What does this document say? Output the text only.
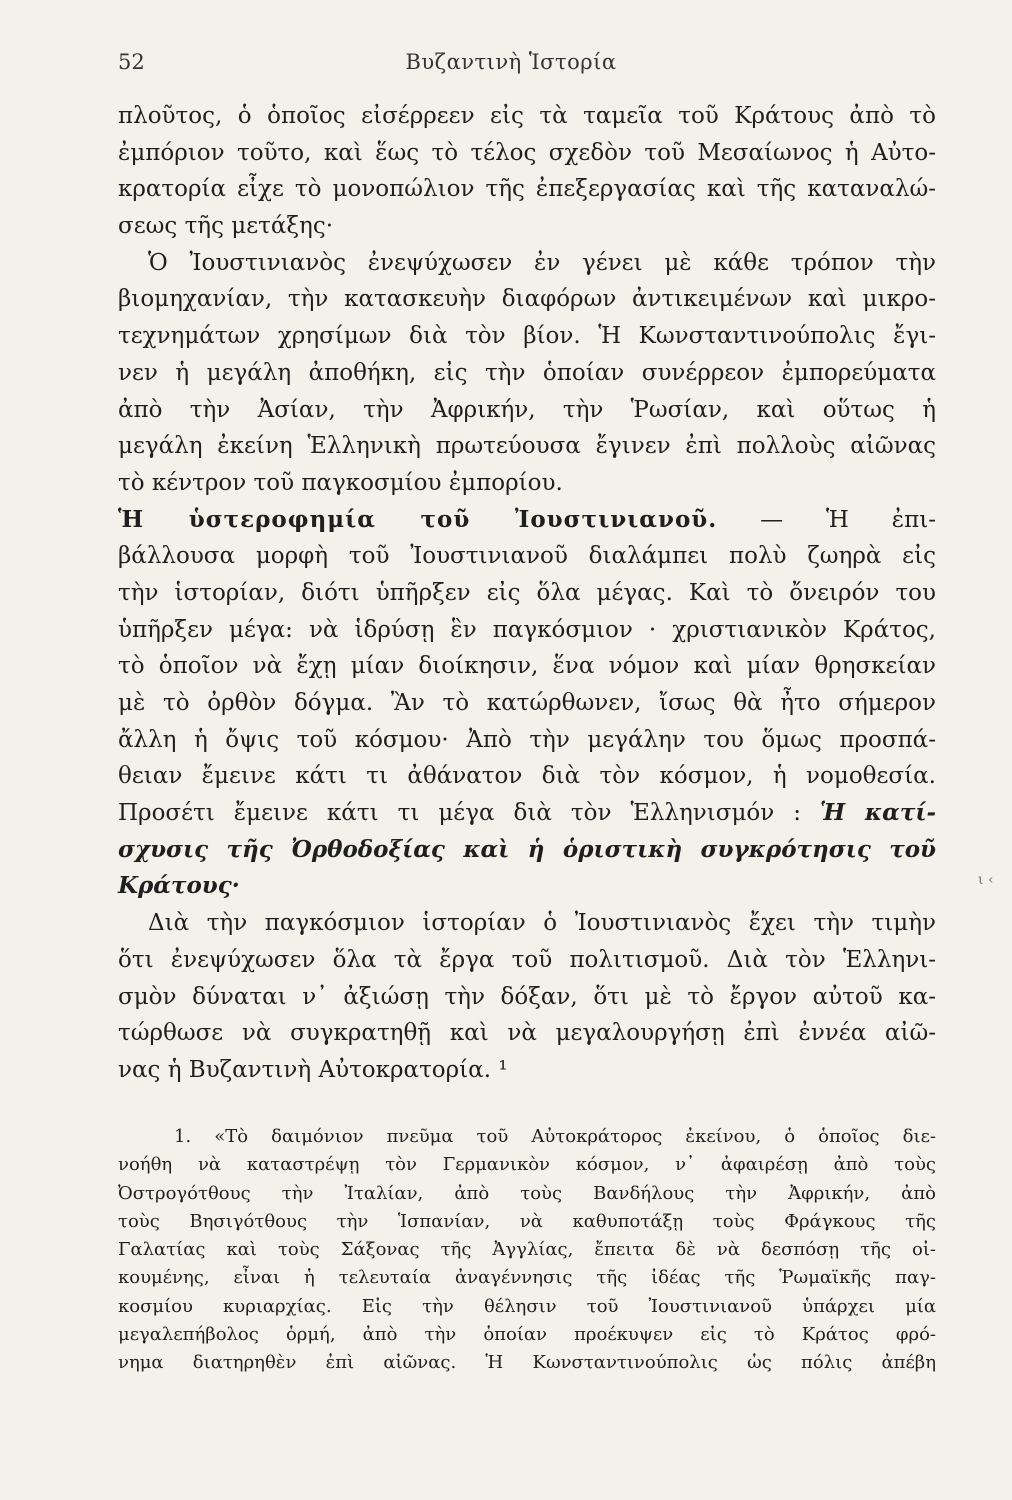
52	Βυζαντινὴ Ἱστορία
πλοῦτος, ὁ ὁποῖος εἰσέρρεεν εἰς τὰ ταμεῖα τοῦ Κράτους ἀπὸ τὸ
ἐμπόριον τοῦτο, καὶ ἕως τὸ τέλος σχεδὸν τοῦ Μεσαίωνος ἡ Αὐτο-
κρατορία εἶχε τὸ μονοπώλιον τῆς ἐπεξεργασίας καὶ τῆς καταναλώ-
σεως τῆς μετάξης·
Ὁ Ἰουστινιανὸς ἐνεψύχωσεν ἐν γένει μὲ κάθε τρόπον τὴν
βιομηχανίαν, τὴν κατασκευὴν διαφόρων ἀντικειμένων καὶ μικρο-
τεχνημάτων χρησίμων διὰ τὸν βίον. Ἡ Κωνσταντινούπολις ἔγι-
νεν ἡ μεγάλη ἀποθήκη, εἰς τὴν ὁποίαν συνέρρεον ἐμπορεύματα
ἀπὸ τὴν Ἀσίαν, τὴν Ἀφρικήν, τὴν Ῥωσίαν, καὶ οὕτως ἡ
μεγάλη ἐκείνη Ἑλληνικὴ πρωτεύουσα ἔγινεν ἐπὶ πολλοὺς αἰῶνας
τὸ κέντρον τοῦ παγκοσμίου ἐμπορίου.
Ἡ ὑστεροφημία τοῦ Ἰουστινιανοῦ. — Ἡ ἐπι-
βάλλουσα μορφὴ τοῦ Ἰουστινιανοῦ διαλάμπει πολὺ ζωηρὰ εἰς
τὴν ἱστορίαν, διότι ὑπῆρξεν εἰς ὅλα μέγας. Καὶ τὸ ὄνειρόν του
ὑπῆρξεν μέγα: νὰ ἱδρύσῃ ἓν παγκόσμιον · χριστιανικὸν Κράτος,
τὸ ὁποῖον νὰ ἔχῃ μίαν διοίκησιν, ἕνα νόμον καὶ μίαν θρησκείαν
μὲ τὸ ὀρθὸν δόγμα. Ἂν τὸ κατώρθωνεν, ἴσως θὰ ἦτο σήμερον
ἄλλη ἡ ὄψις τοῦ κόσμου· Ἀπὸ τὴν μεγάλην του ὅμως προσπά-
θειαν ἔμεινε κάτι τι ἀθάνατον διὰ τὸν κόσμον, ἡ νομοθεσία.
Προσέτι ἔμεινε κάτι τι μέγα διὰ τὸν Ἑλληνισμόν : Ἡ κατί-
σχυσις τῆς Ὀρθοδοξίας καὶ ἡ ὁριστικὴ συγκρότησις τοῦ
Κράτους·
Διὰ τὴν παγκόσμιον ἱστορίαν ὁ Ἰουστινιανὸς ἔχει τὴν τιμὴν
ὅτι ἐνεψύχωσεν ὅλα τὰ ἔργα τοῦ πολιτισμοῦ. Διὰ τὸν Ἑλληνι-
σμὸν δύναται ν᾽ ἀξιώσῃ τὴν δόξαν, ὅτι μὲ τὸ ἔργον αὐτοῦ κα-
τώρθωσε νὰ συγκρατηθῇ καὶ νὰ μεγαλουργήσῃ ἐπὶ ἐννέα αἰῶ-
νας ἡ Βυζαντινὴ Αὐτοκρατορία. ¹
ι ‹
1. «Τὸ δαιμόνιον πνεῦμα τοῦ Αὐτοκράτορος ἐκείνου, ὁ ὁποῖος διε-
νοήθη νὰ καταστρέψῃ τὸν Γερμανικὸν κόσμον, ν᾽ ἀφαιρέσῃ ἀπὸ τοὺς
Ὀστρογότθους τὴν Ἰταλίαν, ἀπὸ τοὺς Βανδήλους τὴν Ἀφρικήν, ἀπὸ
τοὺς Βησιγότθους τὴν Ἱσπανίαν, νὰ καθυποτάξῃ τοὺς Φράγκους τῆς
Γαλατίας καὶ τοὺς Σάξονας τῆς Ἀγγλίας, ἔπειτα δὲ νὰ δεσπόσῃ τῆς οἰ-
κουμένης, εἶναι ἡ τελευταία ἀναγέννησις τῆς ἰδέας τῆς Ῥωμαϊκῆς παγ-
κοσμίου κυριαρχίας. Εἰς τὴν θέλησιν τοῦ Ἰουστινιανοῦ ὑπάρχει μία
μεγαλεπήβολος ὁρμή, ἀπὸ τὴν ὁποίαν προέκυψεν εἰς τὸ Κράτος φρό-
νημα διατηρηθὲν ἐπὶ αἰῶνας. Ἡ Κωνσταντινούπολις ὡς πόλις ἀπέβη
